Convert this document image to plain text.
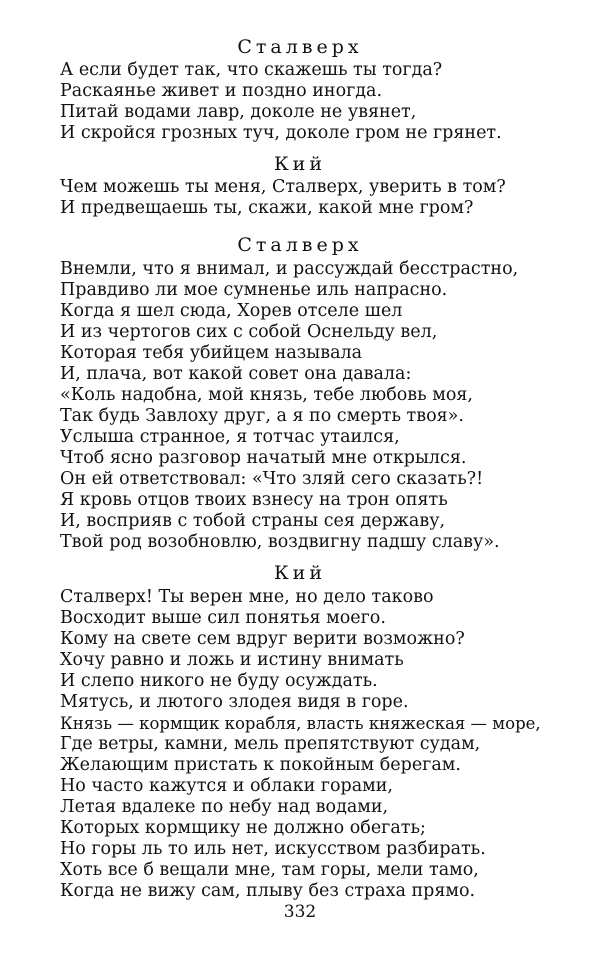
Сталверх
А если будет так, что скажешь ты тогда?
Раскаянье живет и поздно иногда.
Питай водами лавр, доколе не увянет,
И скройся грозных туч, доколе гром не грянет.
Кий
Чем можешь ты меня, Сталверх, уверить в том?
И предвещаешь ты, скажи, какой мне гром?
Сталверх
Внемли, что я внимал, и рассуждай бесстрастно,
Правдиво ли мое сумненье иль напрасно.
Когда я шел сюда, Хорев отселе шел
И из чертогов сих с собой Оснельду вел,
Которая тебя убийцем называла
И, плача, вот какой совет она давала:
«Коль надобна, мой князь, тебе любовь моя,
Так будь Завлоху друг, а я по смерть твоя».
Услыша странное, я тотчас утаился,
Чтоб ясно разговор начатый мне открылся.
Он ей ответствовал: «Что зляй сего сказать?!
Я кровь отцов твоих взнесу на трон опять
И, восприяв с тобой страны сея державу,
Твой род возобновлю, воздвигну падшу славу».
Кий
Сталверх! Ты верен мне, но дело таково
Восходит выше сил понятья моего.
Кому на свете сем вдруг верити возможно?
Хочу равно и ложь и истину внимать
И слепо никого не буду осуждать.
Мятусь, и лютого злодея видя в горе.
Князь — кормщик корабля, власть княжеская — море,
Где ветры, камни, мель препятствуют судам,
Желающим пристать к покойным берегам.
Но часто кажутся и облаки горами,
Летая вдалеке по небу над водами,
Которых кормщику не должно обегать;
Но горы ль то иль нет, искусством разбирать.
Хоть все б вещали мне, там горы, мели тамо,
Когда не вижу сам, плыву без страха прямо.
332
